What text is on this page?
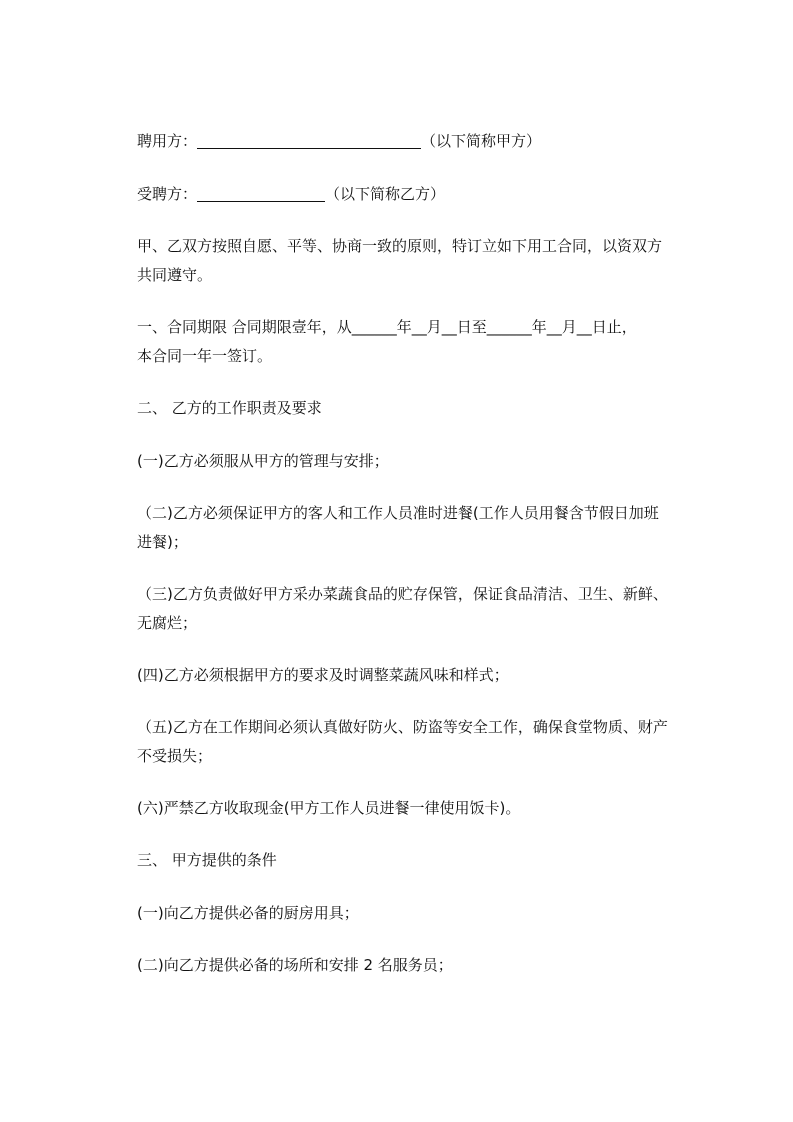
聘用方：	（以下简称甲方）
受聘方：	（以下简称乙方）
甲、乙双方按照自愿、平等、协商一致的原则，特订立如下用工合同，以资双方
共同遵守。
一、合同期限 合同期限壹年，从______年__月__日至______年__月__日止，
本合同一年一签订。
二、 乙方的工作职责及要求
(一)乙方必须服从甲方的管理与安排；
（二)乙方必须保证甲方的客人和工作人员准时进餐(工作人员用餐含节假日加班
进餐)；
（三)乙方负责做好甲方采办菜蔬食品的贮存保管，保证食品清洁、卫生、新鲜、
无腐烂；
(四)乙方必须根据甲方的要求及时调整菜蔬风味和样式；
（五)乙方在工作期间必须认真做好防火、防盗等安全工作，确保食堂物质、财产
不受损失；
(六)严禁乙方收取现金(甲方工作人员进餐一律使用饭卡)。
三、 甲方提供的条件
(一)向乙方提供必备的厨房用具；
(二)向乙方提供必备的场所和安排 2 名服务员；
